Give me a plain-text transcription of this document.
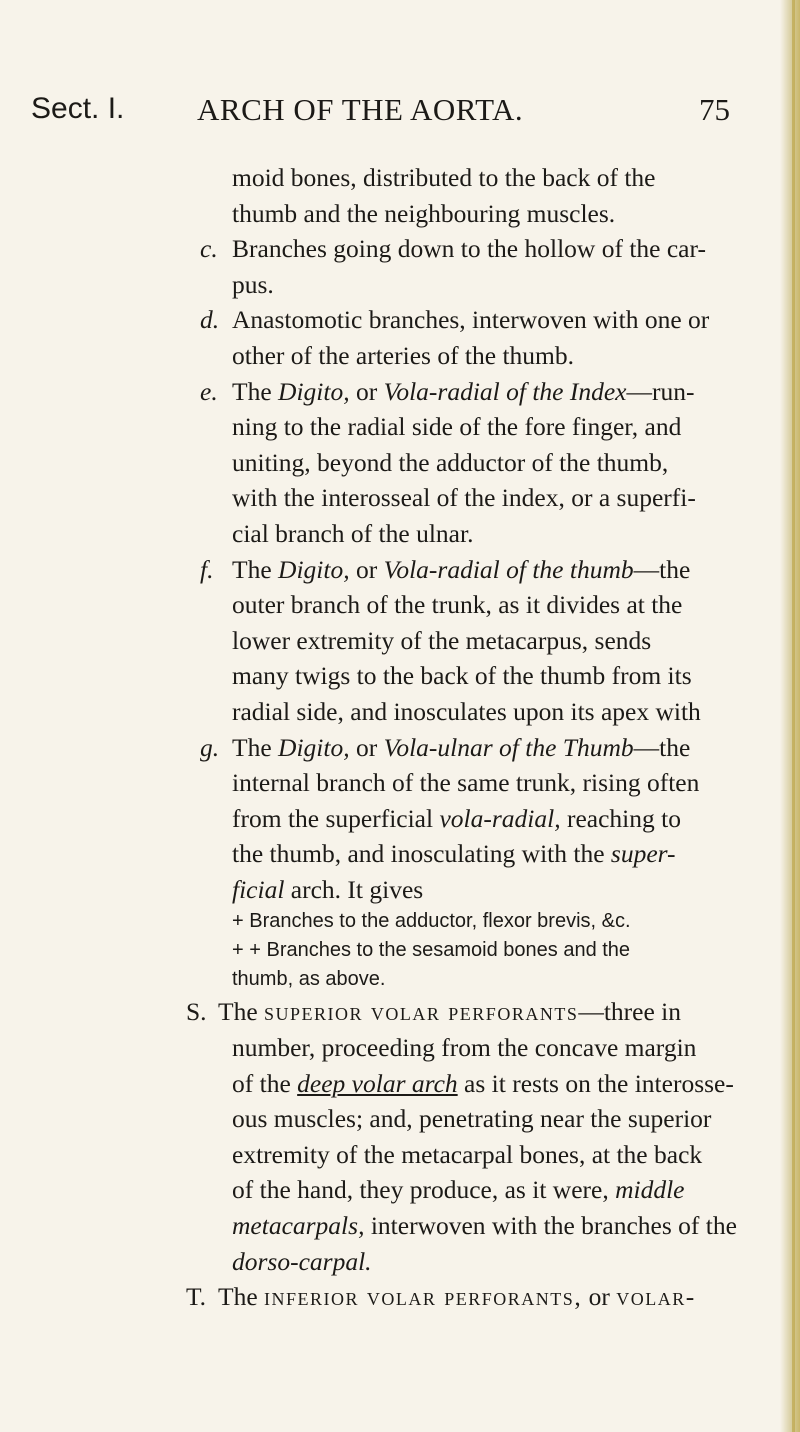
Sect. I. ARCH OF THE AORTA.	75
moid bones, distributed to the back of the
thumb and the neighbouring muscles.
c. Branches going down to the hollow of the car-
pus.
d. Anastomotic branches, interwoven with one or
other of the arteries of the thumb.
e. The Digito, or Vola-radial of the Index—run-
ning to the radial side of the fore finger, and
uniting, beyond the adductor of the thumb,
with the interosseal of the index, or a superfi-
cial branch of the ulnar.
f. The Digito, or Vola-radial of the thumb—the
outer branch of the trunk, as it divides at the
lower extremity of the metacarpus, sends
many twigs to the back of the thumb from its
radial side, and inosculates upon its apex with
g. The Digito, or Vola-ulnar of the Thumb—the
internal branch of the same trunk, rising often
from the superficial vola-radial, reaching to
the thumb, and inosculating with the super-
ficial arch. It gives
+ Branches to the adductor, flexor brevis, &c.
+ + Branches to the sesamoid bones and the
thumb, as above.
S. The superior volar perforants—three in
number, proceeding from the concave margin
of the deep volar arch as it rests on the interosse-
ous muscles; and, penetrating near the superior
extremity of the metacarpal bones, at the back
of the hand, they produce, as it were, middle
metacarpals, interwoven with the branches of the
dorso-carpal.
T. The inferior volar perforants, or volar-
